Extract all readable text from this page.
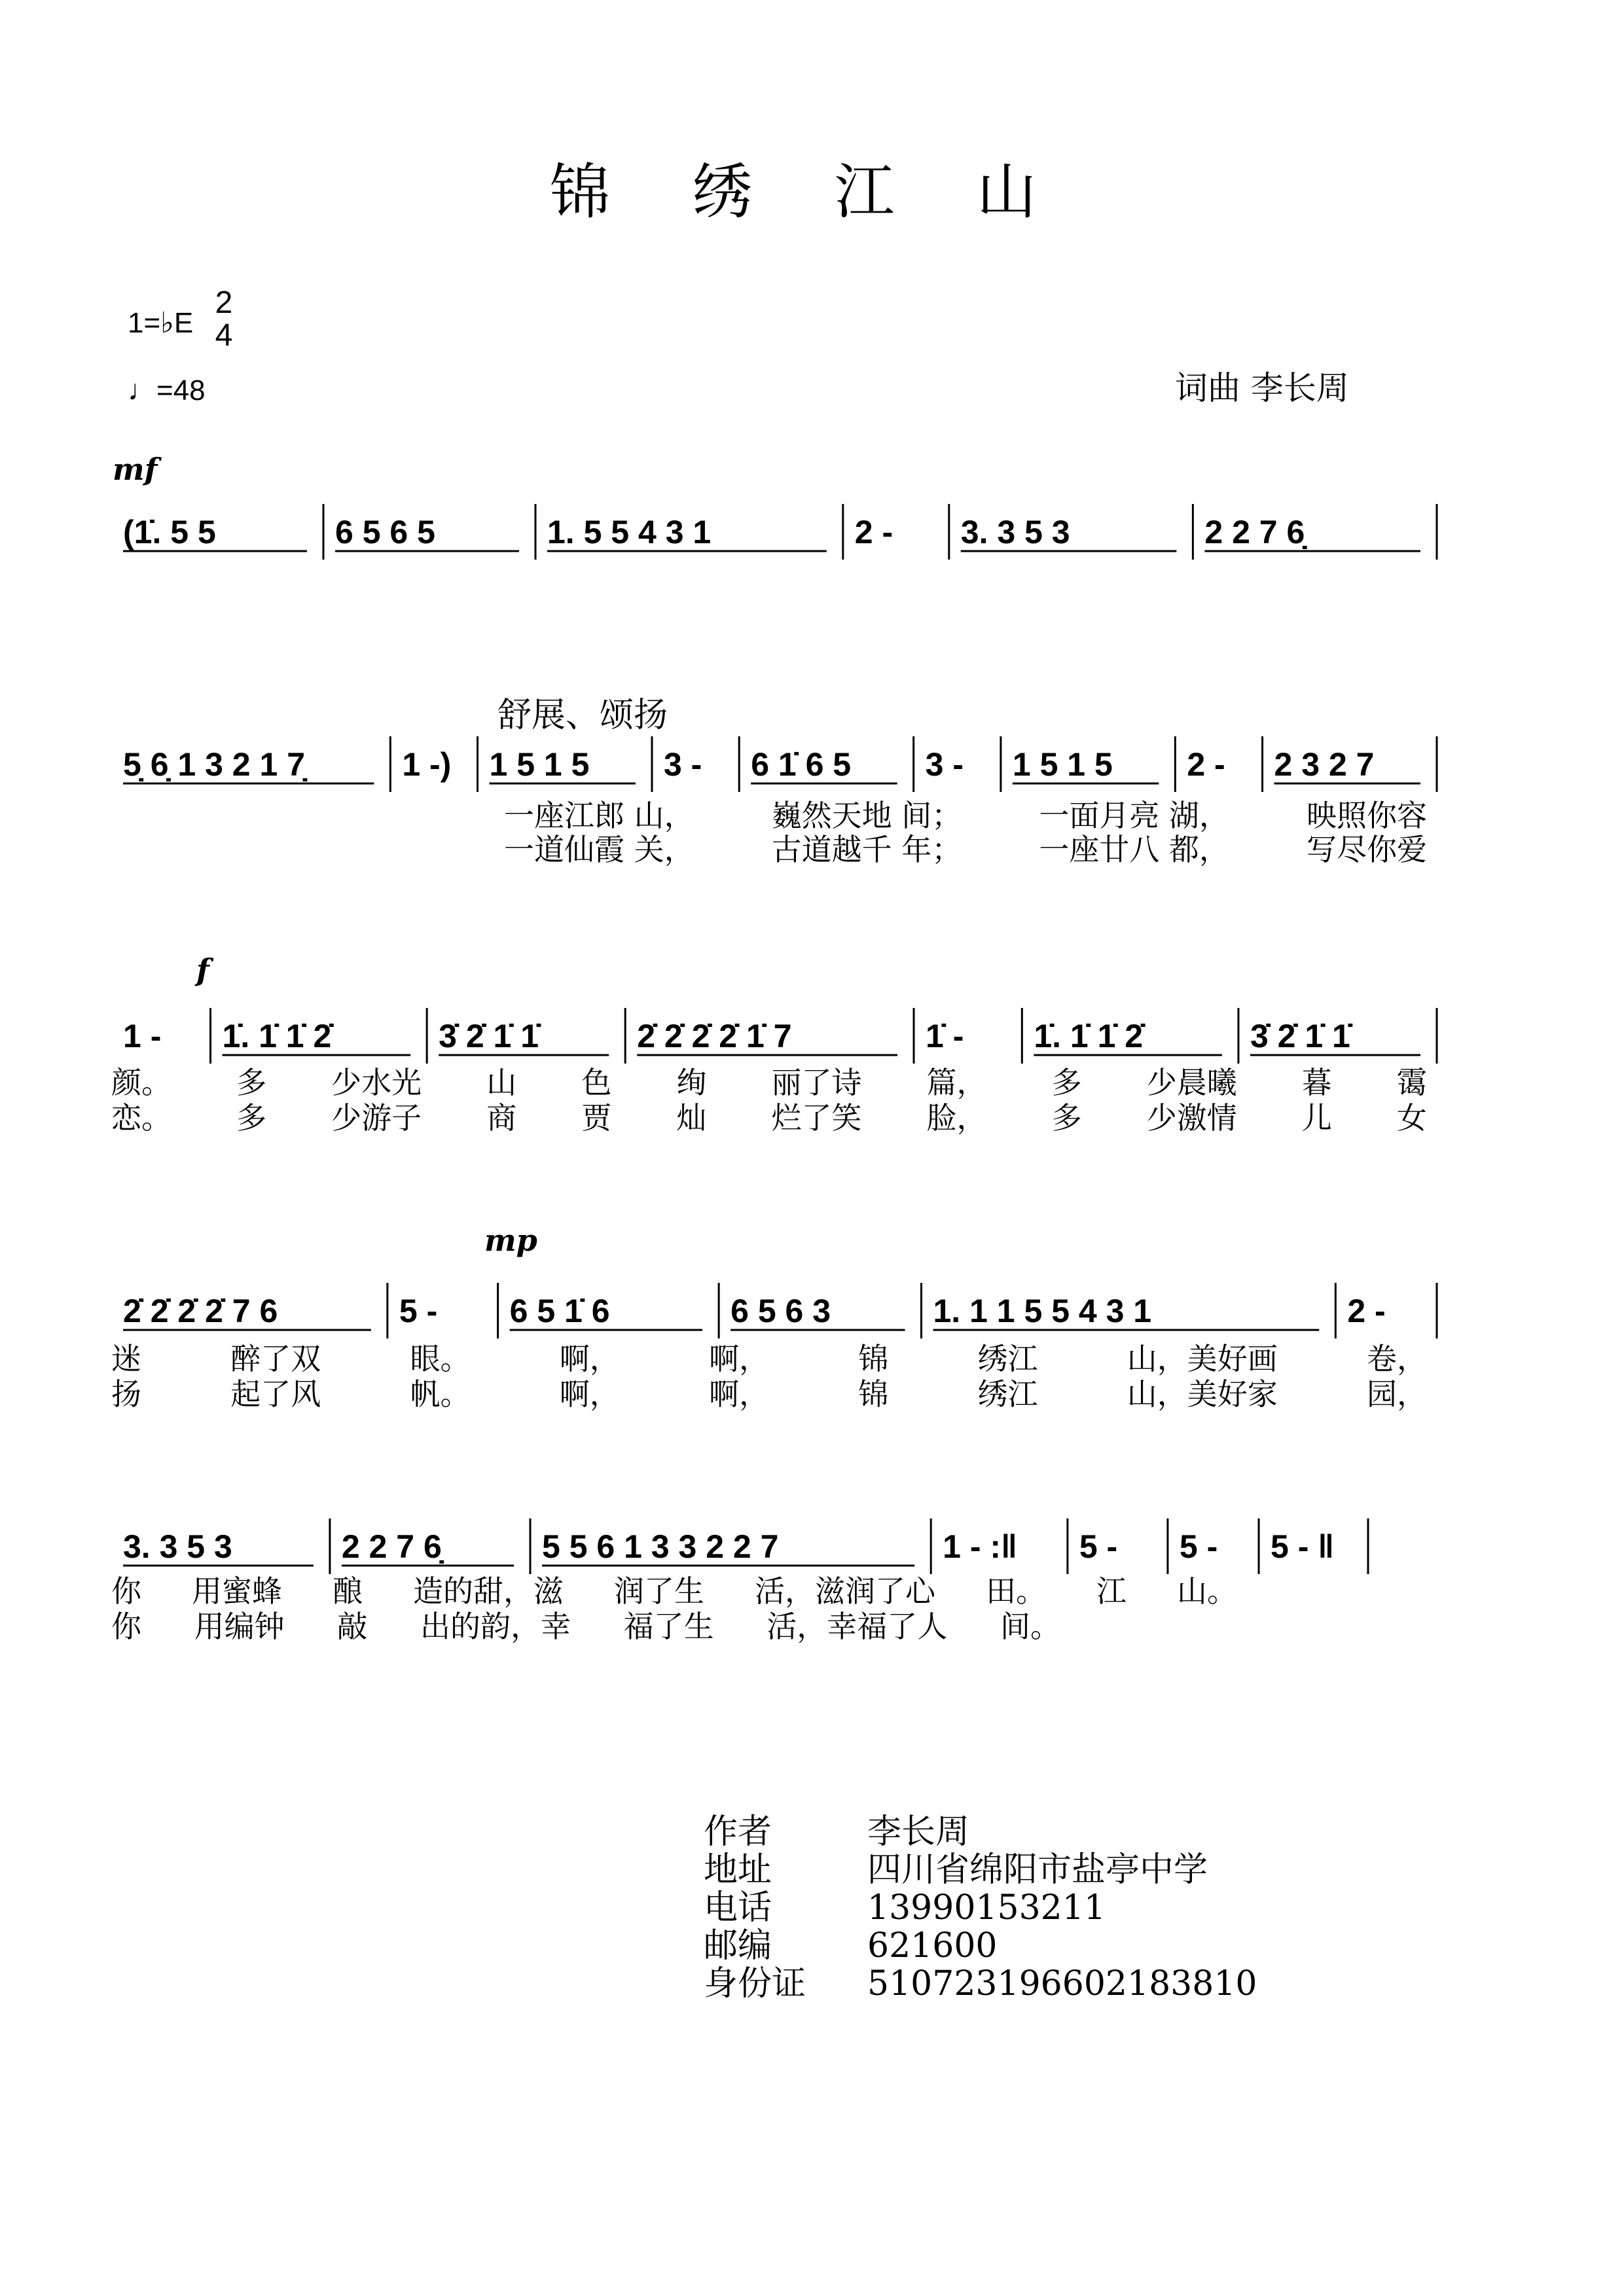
锦 绣 江 山
1=♭E
2
4
♩=48	词曲 李长周
mf
舒展、颂扬
f
mp
(1̇. 5 5	6 5 6 5	1. 5 5 4 3 1	2 - 3. 3 5 3	2 2 7 6̣
5̣ 6̣ 1 3 2 1 7̣	1 -) 1 5 1 5 3 - 6 1̇ 6 5 3 - 1 5 1 5 2 - 2 3 2 7
1 - 1̇. 1̇ 1̇ 2̇	3̇ 2̇ 1̇ 1̇	2̇ 2̇ 2̇ 2̇ 1̇ 7	1̇ - 1̇. 1̇ 1̇ 2̇	3̇ 2̇ 1̇ 1̇
2̇ 2̇ 2̇ 2̇ 7 6	5 - 6 5 1̇ 6	6 5 6 3	1. 1 1 5 5 4 3 1	2 -
3. 3 5 3	2 2 7 6̣	5 5 6 1 3 3 2 2 7	1 - :‖ 5 - 5 - 5 - ‖
一座江郎 山，	巍然天地 间；	一面月亮 湖，	映照你容
一道仙霞 关，	古道越千 年；	一座廿八 都，	写尽你爱
颜。 多 少水光 山 色 绚 丽了诗 篇， 多 少晨曦 暮 霭
恋。 多 少游子 商 贾 灿 烂了笑 脸， 多 少激情 儿 女
迷	醉了双	眼。	啊，	啊，	锦	绣江	山，美好画	卷，
扬	起了风	帆。	啊，	啊，	锦	绣江	山，美好家	园，
你 用蜜蜂 酿 造的甜，滋 润了生 活，滋润了心 田。 江 山。
你 用编钟 敲 出的韵，幸 福了生 活，幸福了人 间。
作者	李长周
地址	四川省绵阳市盐亭中学
电话	13990153211
邮编	621600
身份证	510723196602183810
